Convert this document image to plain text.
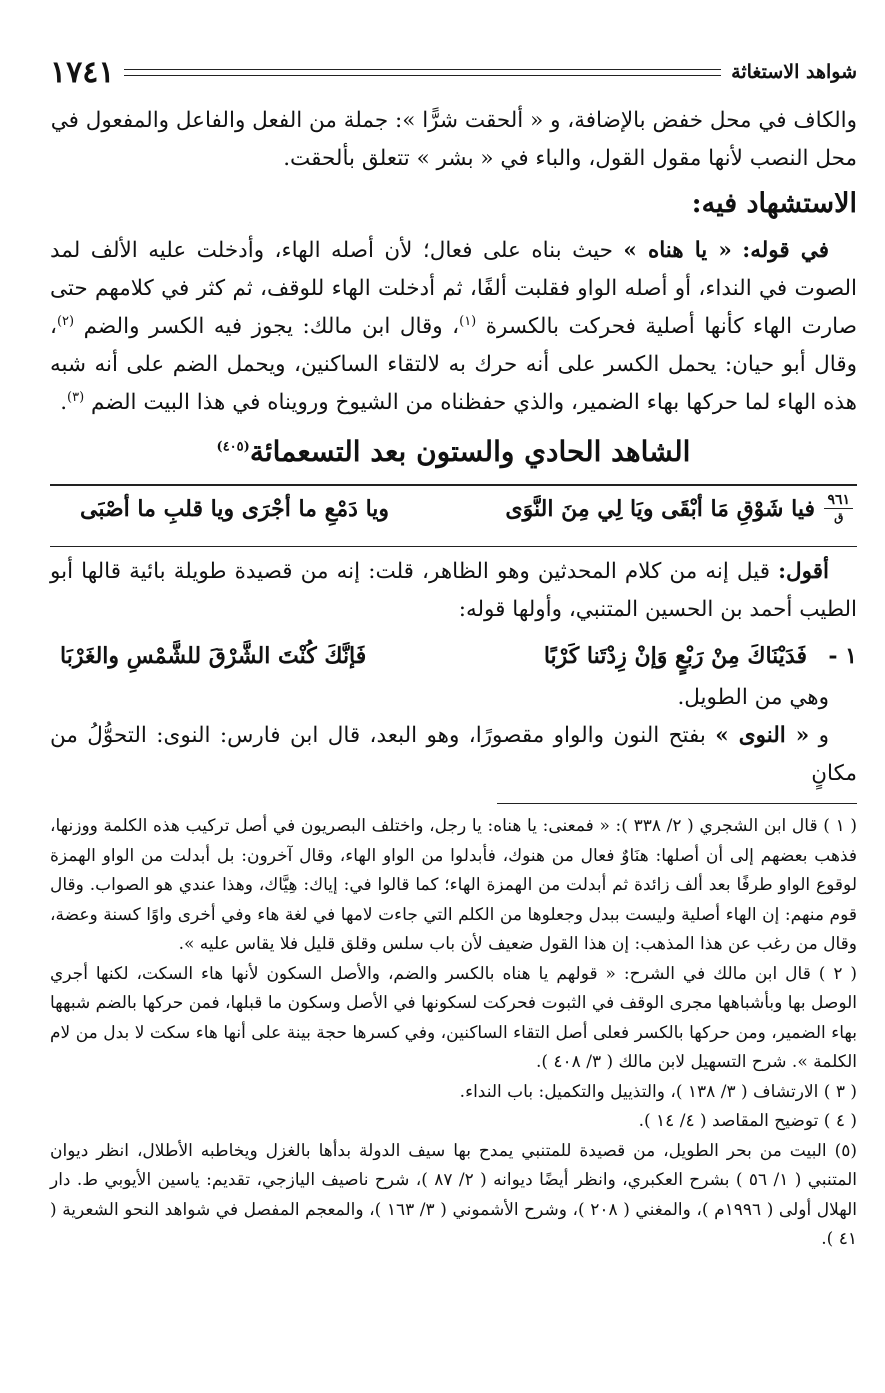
شواهد الاستغاثة
١٧٤١

والكاف في محل خفض بالإضافة، و « ألحقت شرًّا »: جملة من الفعل والفاعل والمفعول في

محل النصب لأنها مقول القول، والباء في « بشر » تتعلق بألحقت.

الاستشهاد فيه:

في قوله: « يا هناه » حيث بناه على فعال؛ لأن أصله الهاء، وأدخلت عليه الألف لمد الصوت في النداء، أو أصله الواو فقلبت ألفًا، ثم أدخلت الهاء للوقف، ثم كثر في كلامهم حتى صارت الهاء كأنها أصلية فحركت بالكسرة $^{(١)}$، وقال ابن مالك: يجوز فيه الكسر والضم $^{(٢)}$، وقال أبو حيان: يحمل الكسر على أنه حرك به لالتقاء الساكنين، ويحمل الضم على أنه شبه هذه الهاء لما حركها بهاء الضمير، والذي حفظناه من الشيوخ ورويناه في هذا البيت الضم $^{(٣)}$.

الشاهد الحادي والستون بعد التسعمائة$^{(٤٠٥)}$
٩٦١
ق
فيا شَوْقِ مَا أبْقَى ويَا لِي مِنَ النَّوَى
ويا دَمْعِ ما أجْرَى ويا قلبِ ما أصْبَى

أقول: قيل إنه من كلام المحدثين وهو الظاهر، قلت: إنه من قصيدة طويلة بائية قالها أبو الطيب أحمد بن الحسين المتنبي، وأولها قوله:

١ -
فَدَيْنَاكَ مِنْ رَبْعٍ وَإنْ زِدْتَنا كَرْبًا
فَإنَّكَ كُنْتَ الشَّرْقَ للشَّمْسِ والغَرْبَا

وهي من الطويل.

و « النوى » بفتح النون والواو مقصورًا، وهو البعد، قال ابن فارس: النوى: التحوُّلُ من مكانٍ

( ١ ) قال ابن الشجري ( ٢/ ٣٣٨ ): « فمعنى: يا هناه: يا رجل، واختلف البصريون في أصل تركيب هذه الكلمة ووزنها، فذهب بعضهم إلى أن أصلها: هنَاوٌ فعال من هنوك، فأبدلوا من الواو الهاء، وقال آخرون: بل أبدلت من الواو الهمزة لوقوع الواو طرفًا بعد ألف زائدة ثم أبدلت من الهمزة الهاء؛ كما قالوا في: إياك: هِيَّاك، وهذا عندي هو الصواب. وقال قوم منهم: إن الهاء أصلية وليست ببدل وجعلوها من الكلم التي جاءت لامها في لغة هاء وفي أخرى واوًا كسنة وعضة، وقال من رغب عن هذا المذهب: إن هذا القول ضعيف لأن باب سلس وقلق قليل فلا يقاس عليه ».

( ٢ ) قال ابن مالك في الشرح: « قولهم يا هناه بالكسر والضم، والأصل السكون لأنها هاء السكت، لكنها أجري الوصل بها وبأشباهها مجرى الوقف في الثبوت فحركت لسكونها في الأصل وسكون ما قبلها، فمن حركها بالضم شبهها بهاء الضمير، ومن حركها بالكسر فعلى أصل التقاء الساكنين، وفي كسرها حجة بينة على أنها هاء سكت لا بدل من لام الكلمة ». شرح التسهيل لابن مالك ( ٣/ ٤٠٨ ).

( ٣ ) الارتشاف ( ٣/ ١٣٨ )، والتذييل والتكميل: باب النداء.

( ٤ ) توضيح المقاصد ( ٤/ ١٤ ).

(٥) البيت من بحر الطويل، من قصيدة للمتنبي يمدح بها سيف الدولة بدأها بالغزل ويخاطبه الأطلال، انظر ديوان المتنبي ( ١/ ٥٦ ) بشرح العكبري، وانظر أيضًا ديوانه ( ٢/ ٨٧ )، شرح ناصيف اليازجي، تقديم: ياسين الأيوبي ط. دار الهلال أولى ( ١٩٩٦م )، والمغني ( ٢٠٨ )، وشرح الأشموني ( ٣/ ١٦٣ )، والمعجم المفصل في شواهد النحو الشعرية ( ٤١ ).
